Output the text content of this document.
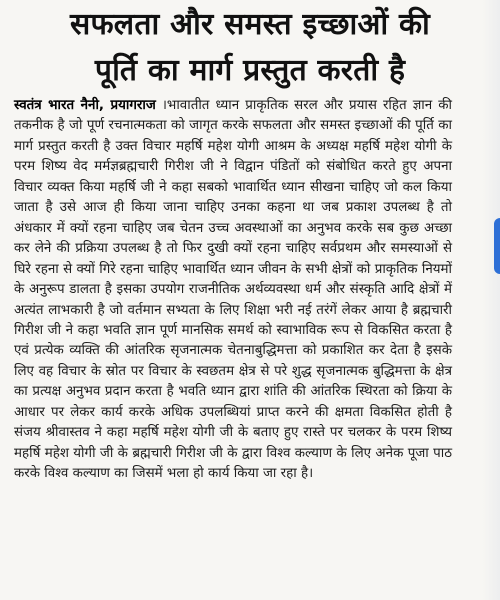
सफलता और समस्त इच्छाओं की
पूर्ति का मार्ग प्रस्तुत करती है

स्वतंत्र भारत नैनी, प्रयागराज ।भावातीत ध्यान प्राकृतिक सरल और प्रयास रहित ज्ञान की तकनीक है जो पूर्ण रचनात्मकता को जागृत करके सफलता और समस्त इच्छाओं की पूर्ति का मार्ग प्रस्तुत करती है उक्त विचार महर्षि महेश योगी आश्रम के अध्यक्ष महर्षि महेश योगी के परम शिष्य वेद मर्मज्ञब्रह्मचारी गिरीश जी ने विद्वान पंडितों को संबोधित करते हुए अपना विचार व्यक्त किया महर्षि जी ने कहा सबको भावार्थित ध्यान सीखना चाहिए जो कल किया जाता है उसे आज ही किया जाना चाहिए उनका कहना था जब प्रकाश उपलब्ध है तो अंधकार में क्यों रहना चाहिए जब चेतन उच्च अवस्थाओं का अनुभव करके सब कुछ अच्छा कर लेने की प्रक्रिया उपलब्ध है तो फिर दुखी क्यों रहना चाहिए सर्वप्रथम और समस्याओं से घिरे रहना से क्यों गिरे रहना चाहिए भावार्थित ध्यान जीवन के सभी क्षेत्रों को प्राकृतिक नियमों के अनुरूप डालता है इसका उपयोग राजनीतिक अर्थव्यवस्था धर्म और संस्कृति आदि क्षेत्रों में अत्यंत लाभकारी है जो वर्तमान सभ्यता के लिए शिक्षा भरी नई तरंगें लेकर आया है ब्रह्मचारी गिरीश जी ने कहा भवति ज्ञान पूर्ण मानसिक समर्थ को स्वाभाविक रूप से विकसित करता है एवं प्रत्येक व्यक्ति की आंतरिक सृजनात्मक चेतनाबुद्धिमत्ता को प्रकाशित कर देता है इसके लिए वह विचार के स्रोत पर विचार के स्वछतम क्षेत्र से परे शुद्ध सृजनात्मक बुद्धिमत्ता के क्षेत्र का प्रत्यक्ष अनुभव प्रदान करता है भवति ध्यान द्वारा शांति की आंतरिक स्थिरता को क्रिया के आधार पर लेकर कार्य करके अधिक उपलब्धियां प्राप्त करने की क्षमता विकसित होती है संजय श्रीवास्तव ने कहा महर्षि महेश योगी जी के बताए हुए रास्ते पर चलकर के परम शिष्य महर्षि महेश योगी जी के ब्रह्मचारी गिरीश जी के द्वारा विश्व कल्याण के लिए अनेक पूजा पाठ करके विश्व कल्याण का जिसमें भला हो कार्य किया जा रहा है।
